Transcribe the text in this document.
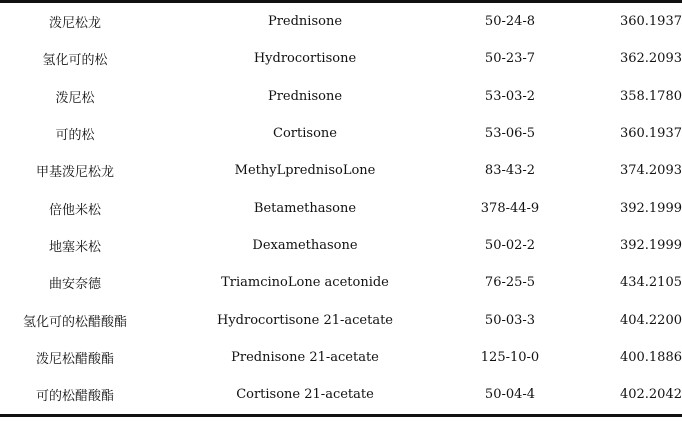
泼尼松龙	Prednisone	50-24-8	360.1937
氢化可的松	Hydrocortisone	50-23-7	362.2093
泼尼松	Prednisone	53-03-2	358.1780
可的松	Cortisone	53-06-5	360.1937
甲基泼尼松龙	MethyLprednisoLone	83-43-2	374.2093
倍他米松	Betamethasone	378-44-9	392.1999
地塞米松	Dexamethasone	50-02-2	392.1999
曲安奈德	TriamcinoLone acetonide	76-25-5	434.2105
氢化可的松醋酸酯	Hydrocortisone 21-acetate	50-03-3	404.2200
泼尼松醋酸酯	Prednisone 21-acetate	125-10-0	400.1886
可的松醋酸酯	Cortisone 21-acetate	50-04-4	402.2042
